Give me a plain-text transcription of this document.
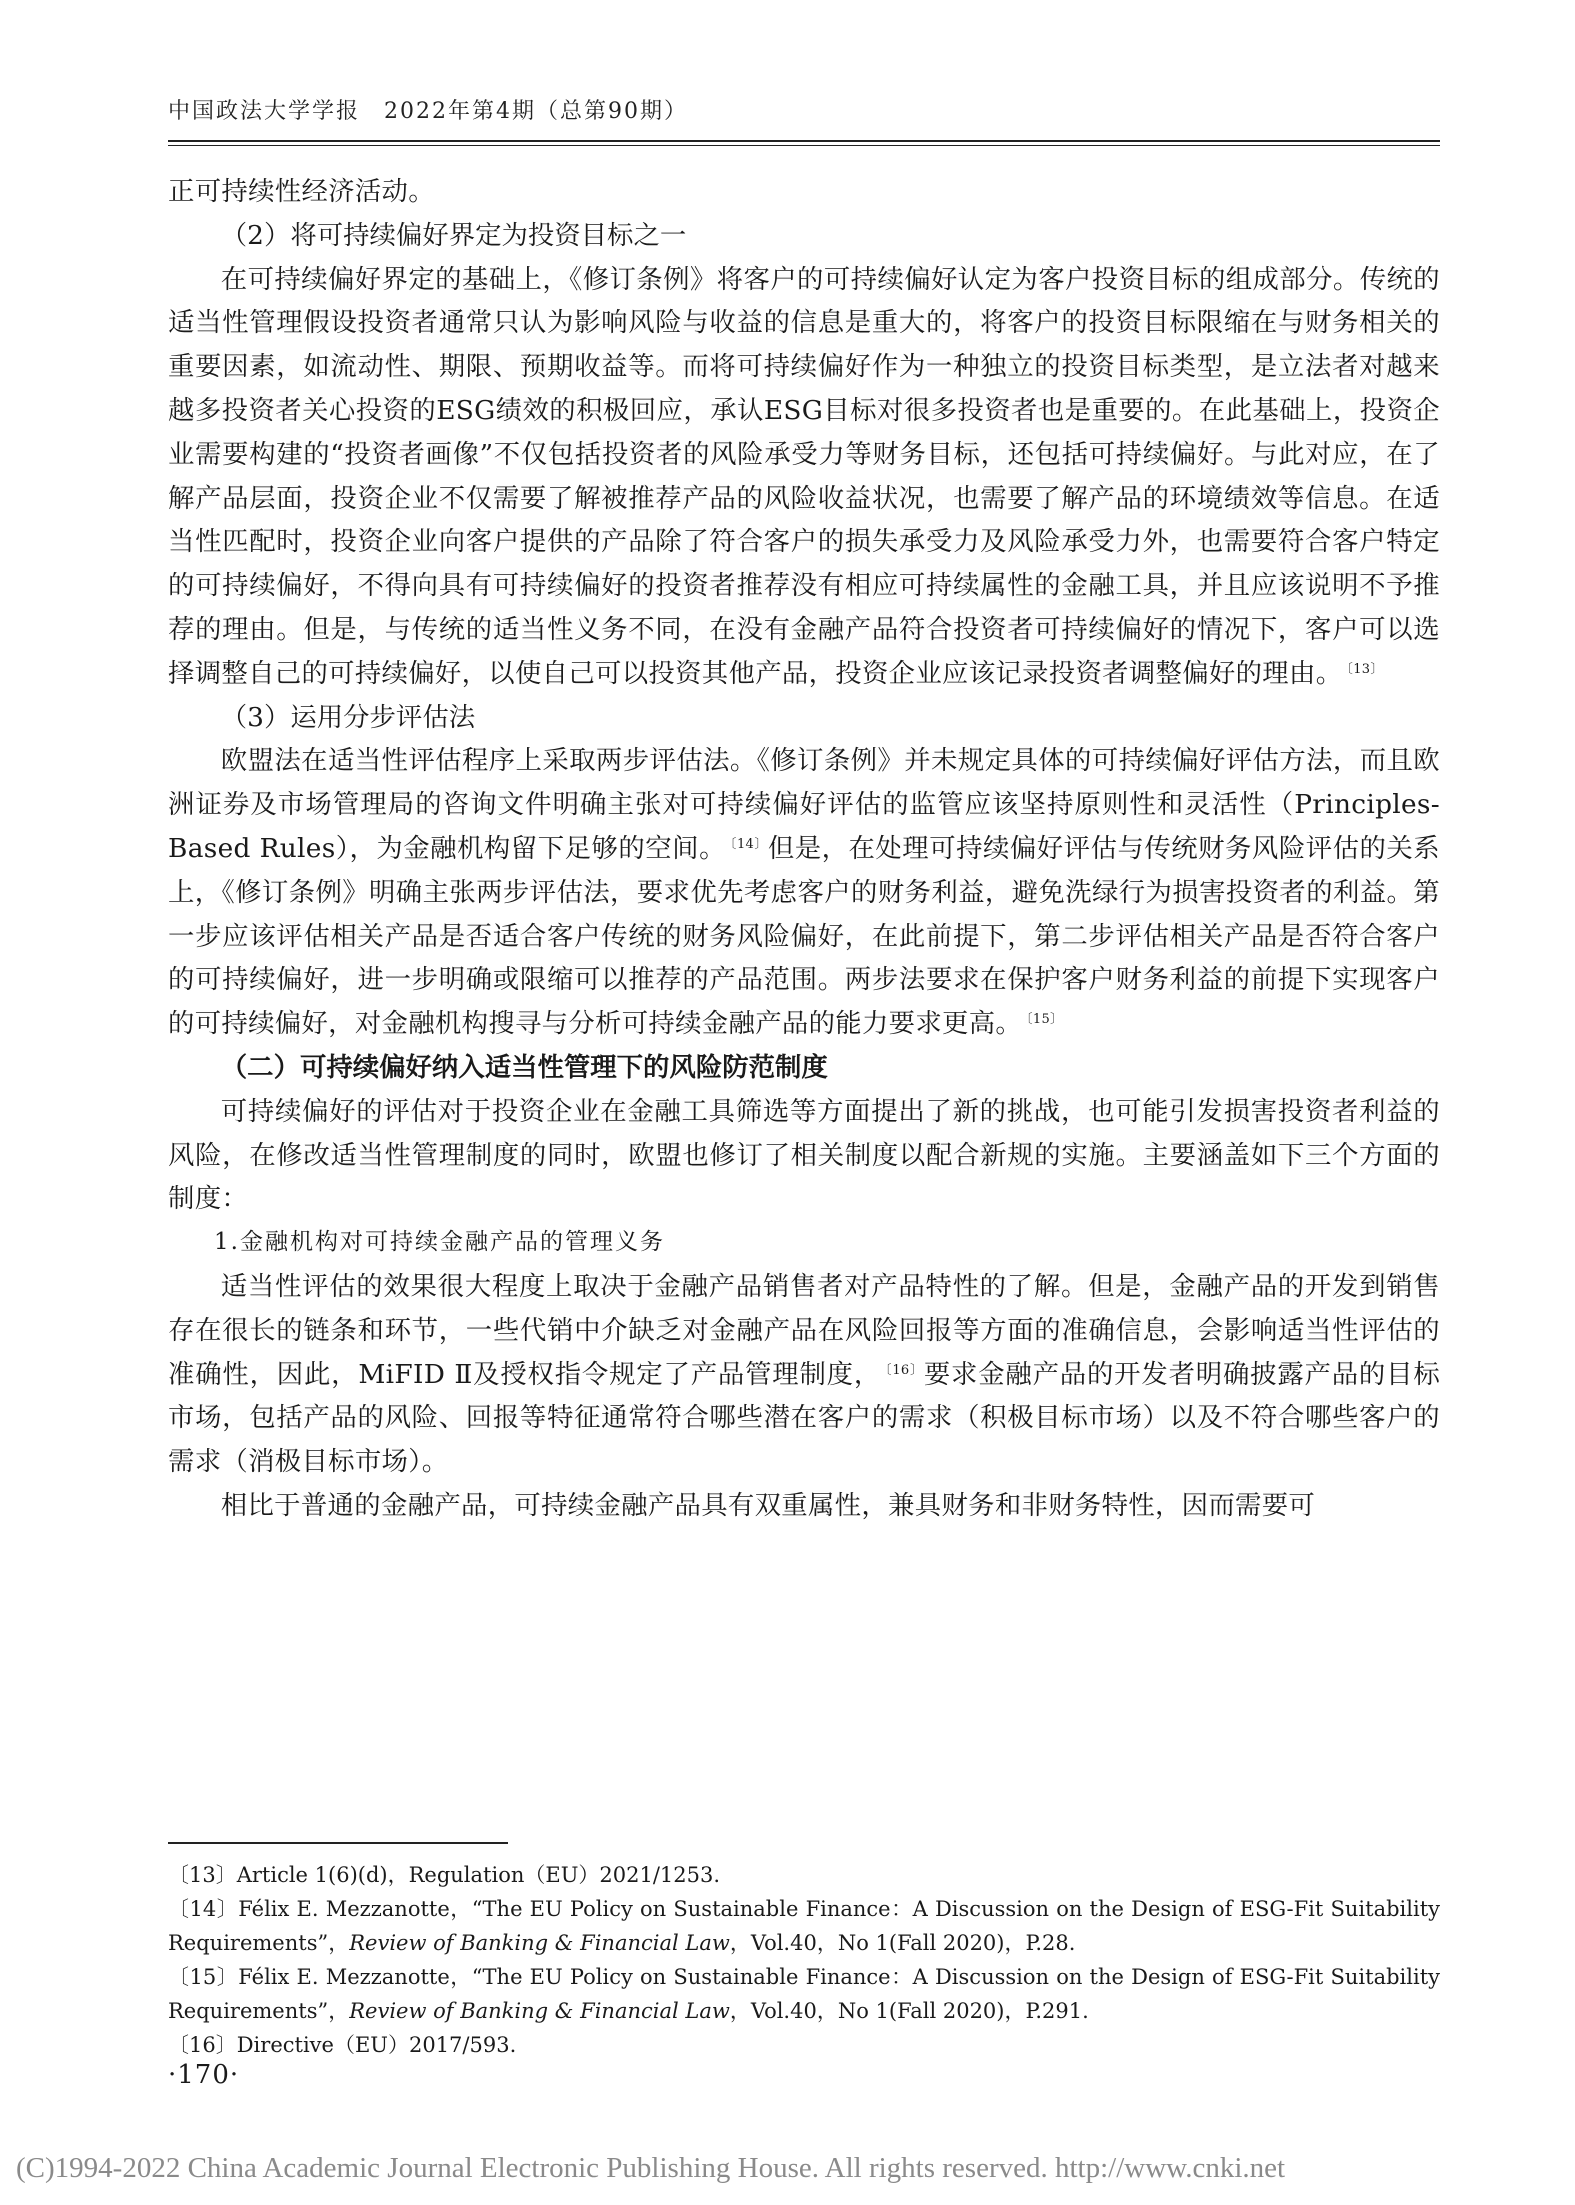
中国政法大学学报　2022年第4期（总第90期）

正可持续性经济活动。

（2）将可持续偏好界定为投资目标之一

在可持续偏好界定的基础上，《修订条例》将客户的可持续偏好认定为客户投资目标的组成部分。传统的适当性管理假设投资者通常只认为影响风险与收益的信息是重大的，将客户的投资目标限缩在与财务相关的重要因素，如流动性、期限、预期收益等。而将可持续偏好作为一种独立的投资目标类型，是立法者对越来越多投资者关心投资的ESG绩效的积极回应，承认ESG目标对很多投资者也是重要的。在此基础上，投资企业需要构建的“投资者画像”不仅包括投资者的风险承受力等财务目标，还包括可持续偏好。与此对应，在了解产品层面，投资企业不仅需要了解被推荐产品的风险收益状况，也需要了解产品的环境绩效等信息。在适当性匹配时，投资企业向客户提供的产品除了符合客户的损失承受力及风险承受力外，也需要符合客户特定的可持续偏好，不得向具有可持续偏好的投资者推荐没有相应可持续属性的金融工具，并且应该说明不予推荐的理由。但是，与传统的适当性义务不同，在没有金融产品符合投资者可持续偏好的情况下，客户可以选择调整自己的可持续偏好，以使自己可以投资其他产品，投资企业应该记录投资者调整偏好的理由。 $^{〔13〕}$

（3）运用分步评估法

欧盟法在适当性评估程序上采取两步评估法。《修订条例》并未规定具体的可持续偏好评估方法，而且欧洲证券及市场管理局的咨询文件明确主张对可持续偏好评估的监管应该坚持原则性和灵活性（Principles-Based Rules），为金融机构留下足够的空间。 $^{〔14〕}$但是，在处理可持续偏好评估与传统财务风险评估的关系上，《修订条例》明确主张两步评估法，要求优先考虑客户的财务利益，避免洗绿行为损害投资者的利益。第一步应该评估相关产品是否适合客户传统的财务风险偏好，在此前提下，第二步评估相关产品是否符合客户的可持续偏好，进一步明确或限缩可以推荐的产品范围。两步法要求在保护客户财务利益的前提下实现客户的可持续偏好，对金融机构搜寻与分析可持续金融产品的能力要求更高。 $^{〔15〕}$

（二）可持续偏好纳入适当性管理下的风险防范制度

可持续偏好的评估对于投资企业在金融工具筛选等方面提出了新的挑战，也可能引发损害投资者利益的风险，在修改适当性管理制度的同时，欧盟也修订了相关制度以配合新规的实施。主要涵盖如下三个方面的制度：

1.金融机构对可持续金融产品的管理义务

适当性评估的效果很大程度上取决于金融产品销售者对产品特性的了解。但是，金融产品的开发到销售存在很长的链条和环节，一些代销中介缺乏对金融产品在风险回报等方面的准确信息，会影响适当性评估的准确性，因此，MiFID Ⅱ及授权指令规定了产品管理制度， $^{〔16〕}$要求金融产品的开发者明确披露产品的目标市场，包括产品的风险、回报等特征通常符合哪些潜在客户的需求（积极目标市场）以及不符合哪些客户的需求（消极目标市场）。

相比于普通的金融产品，可持续金融产品具有双重属性，兼具财务和非财务特性，因而需要可

〔13〕Article 1(6)(d)，Regulation（EU）2021/1253.

〔14〕Félix E. Mezzanotte，“The EU Policy on Sustainable Finance：A Discussion on the Design of ESG-Fit Suitability Requirements”，Review of Banking & Financial Law，Vol.40，No 1(Fall 2020)，P.28.

〔15〕Félix E. Mezzanotte，“The EU Policy on Sustainable Finance：A Discussion on the Design of ESG-Fit Suitability Requirements”，Review of Banking & Financial Law，Vol.40，No 1(Fall 2020)，P.291.

〔16〕Directive（EU）2017/593.

·170·
(C)1994-2022 China Academic Journal Electronic Publishing House. All rights reserved. http://www.cnki.net
